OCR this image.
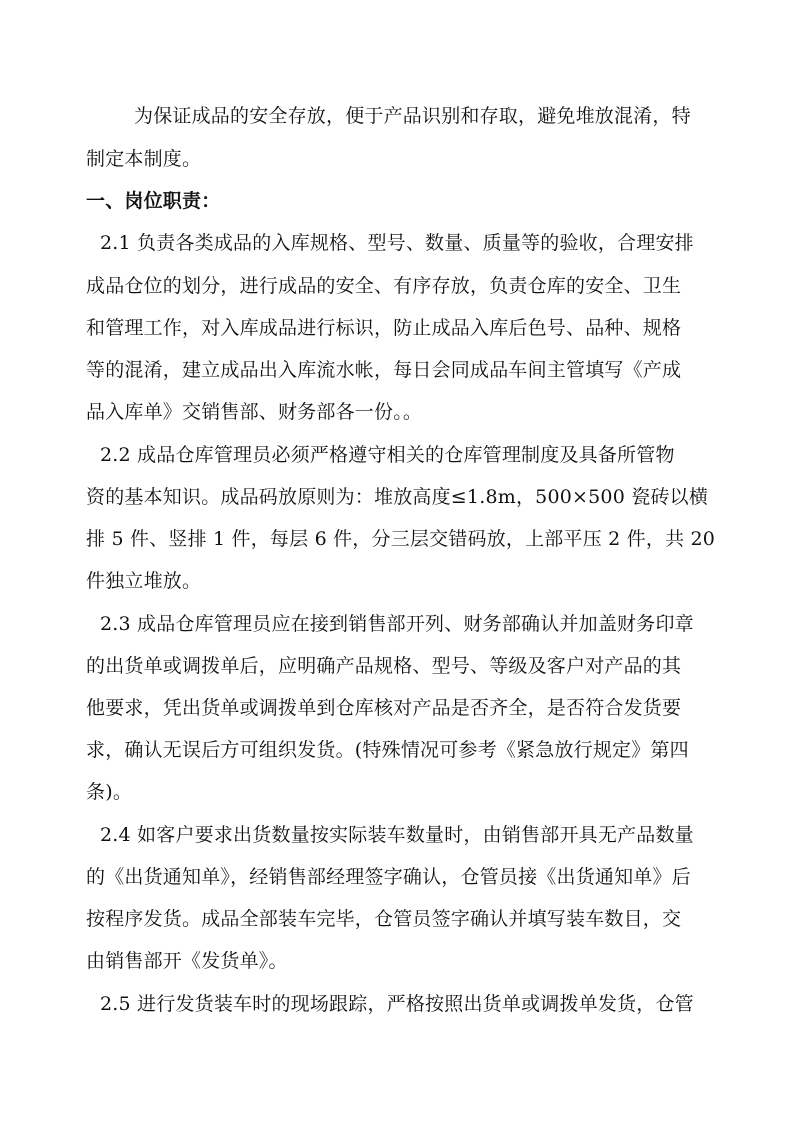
为保证成品的安全存放，便于产品识别和存取，避免堆放混淆，特
制定本制度。
一、岗位职责：
2.1 负责各类成品的入库规格、型号、数量、质量等的验收，合理安排
成品仓位的划分，进行成品的安全、有序存放，负责仓库的安全、卫生
和管理工作，对入库成品进行标识，防止成品入库后色号、品种、规格
等的混淆，建立成品出入库流水帐，每日会同成品车间主管填写《产成
品入库单》交销售部、财务部各一份。。
2.2 成品仓库管理员必须严格遵守相关的仓库管理制度及具备所管物
资的基本知识。成品码放原则为：堆放高度≤1.8m，500×500 瓷砖以横
排 5 件、竖排 1 件，每层 6 件，分三层交错码放，上部平压 2 件，共 20
件独立堆放。
2.3 成品仓库管理员应在接到销售部开列、财务部确认并加盖财务印章
的出货单或调拨单后，应明确产品规格、型号、等级及客户对产品的其
他要求，凭出货单或调拨单到仓库核对产品是否齐全，是否符合发货要
求，确认无误后方可组织发货。(特殊情况可参考《紧急放行规定》第四
条)。
2.4 如客户要求出货数量按实际装车数量时，由销售部开具无产品数量
的《出货通知单》，经销售部经理签字确认，仓管员接《出货通知单》后
按程序发货。成品全部装车完毕，仓管员签字确认并填写装车数目，交
由销售部开《发货单》。
2.5 进行发货装车时的现场跟踪，严格按照出货单或调拨单发货，仓管
